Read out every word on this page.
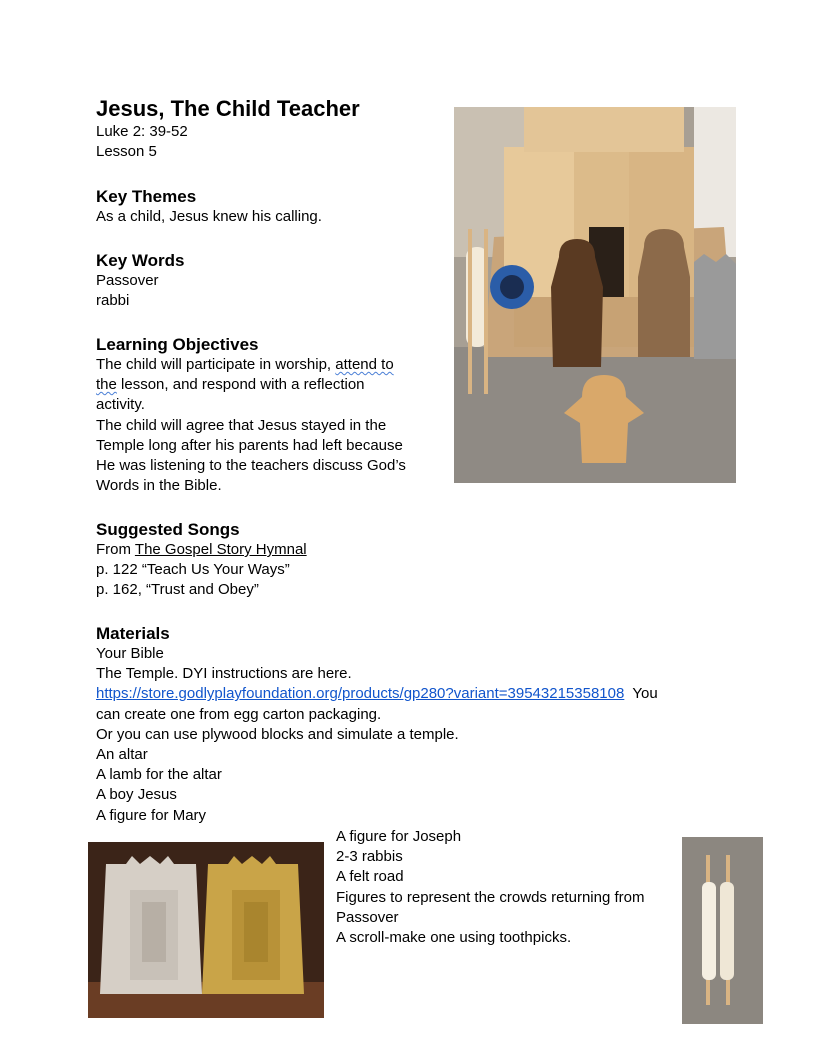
Jesus, The Child Teacher
Luke 2: 39-52
Lesson 5
Key Themes
As a child, Jesus knew his calling.
Key Words
Passover
rabbi
Learning Objectives
The child will participate in worship, attend to
the lesson, and respond with a reflection
activity.
The child will agree that Jesus stayed in the
Temple long after his parents had left because
He was listening to the teachers discuss God’s
Words in the Bible.
Suggested Songs
From The Gospel Story Hymnal
p. 122 “Teach Us Your Ways”
p. 162, “Trust and Obey”
Materials
Your Bible
The Temple. DYI instructions are here.
https://store.godlyplayfoundation.org/products/gp280?variant=39543215358108 You
can create one from egg carton packaging.
Or you can use plywood blocks and simulate a temple.
An altar
A lamb for the altar
A boy Jesus
A figure for Mary
A figure for Joseph
2-3 rabbis
A felt road
Figures to represent the crowds returning from
Passover
A scroll-make one using toothpicks.
